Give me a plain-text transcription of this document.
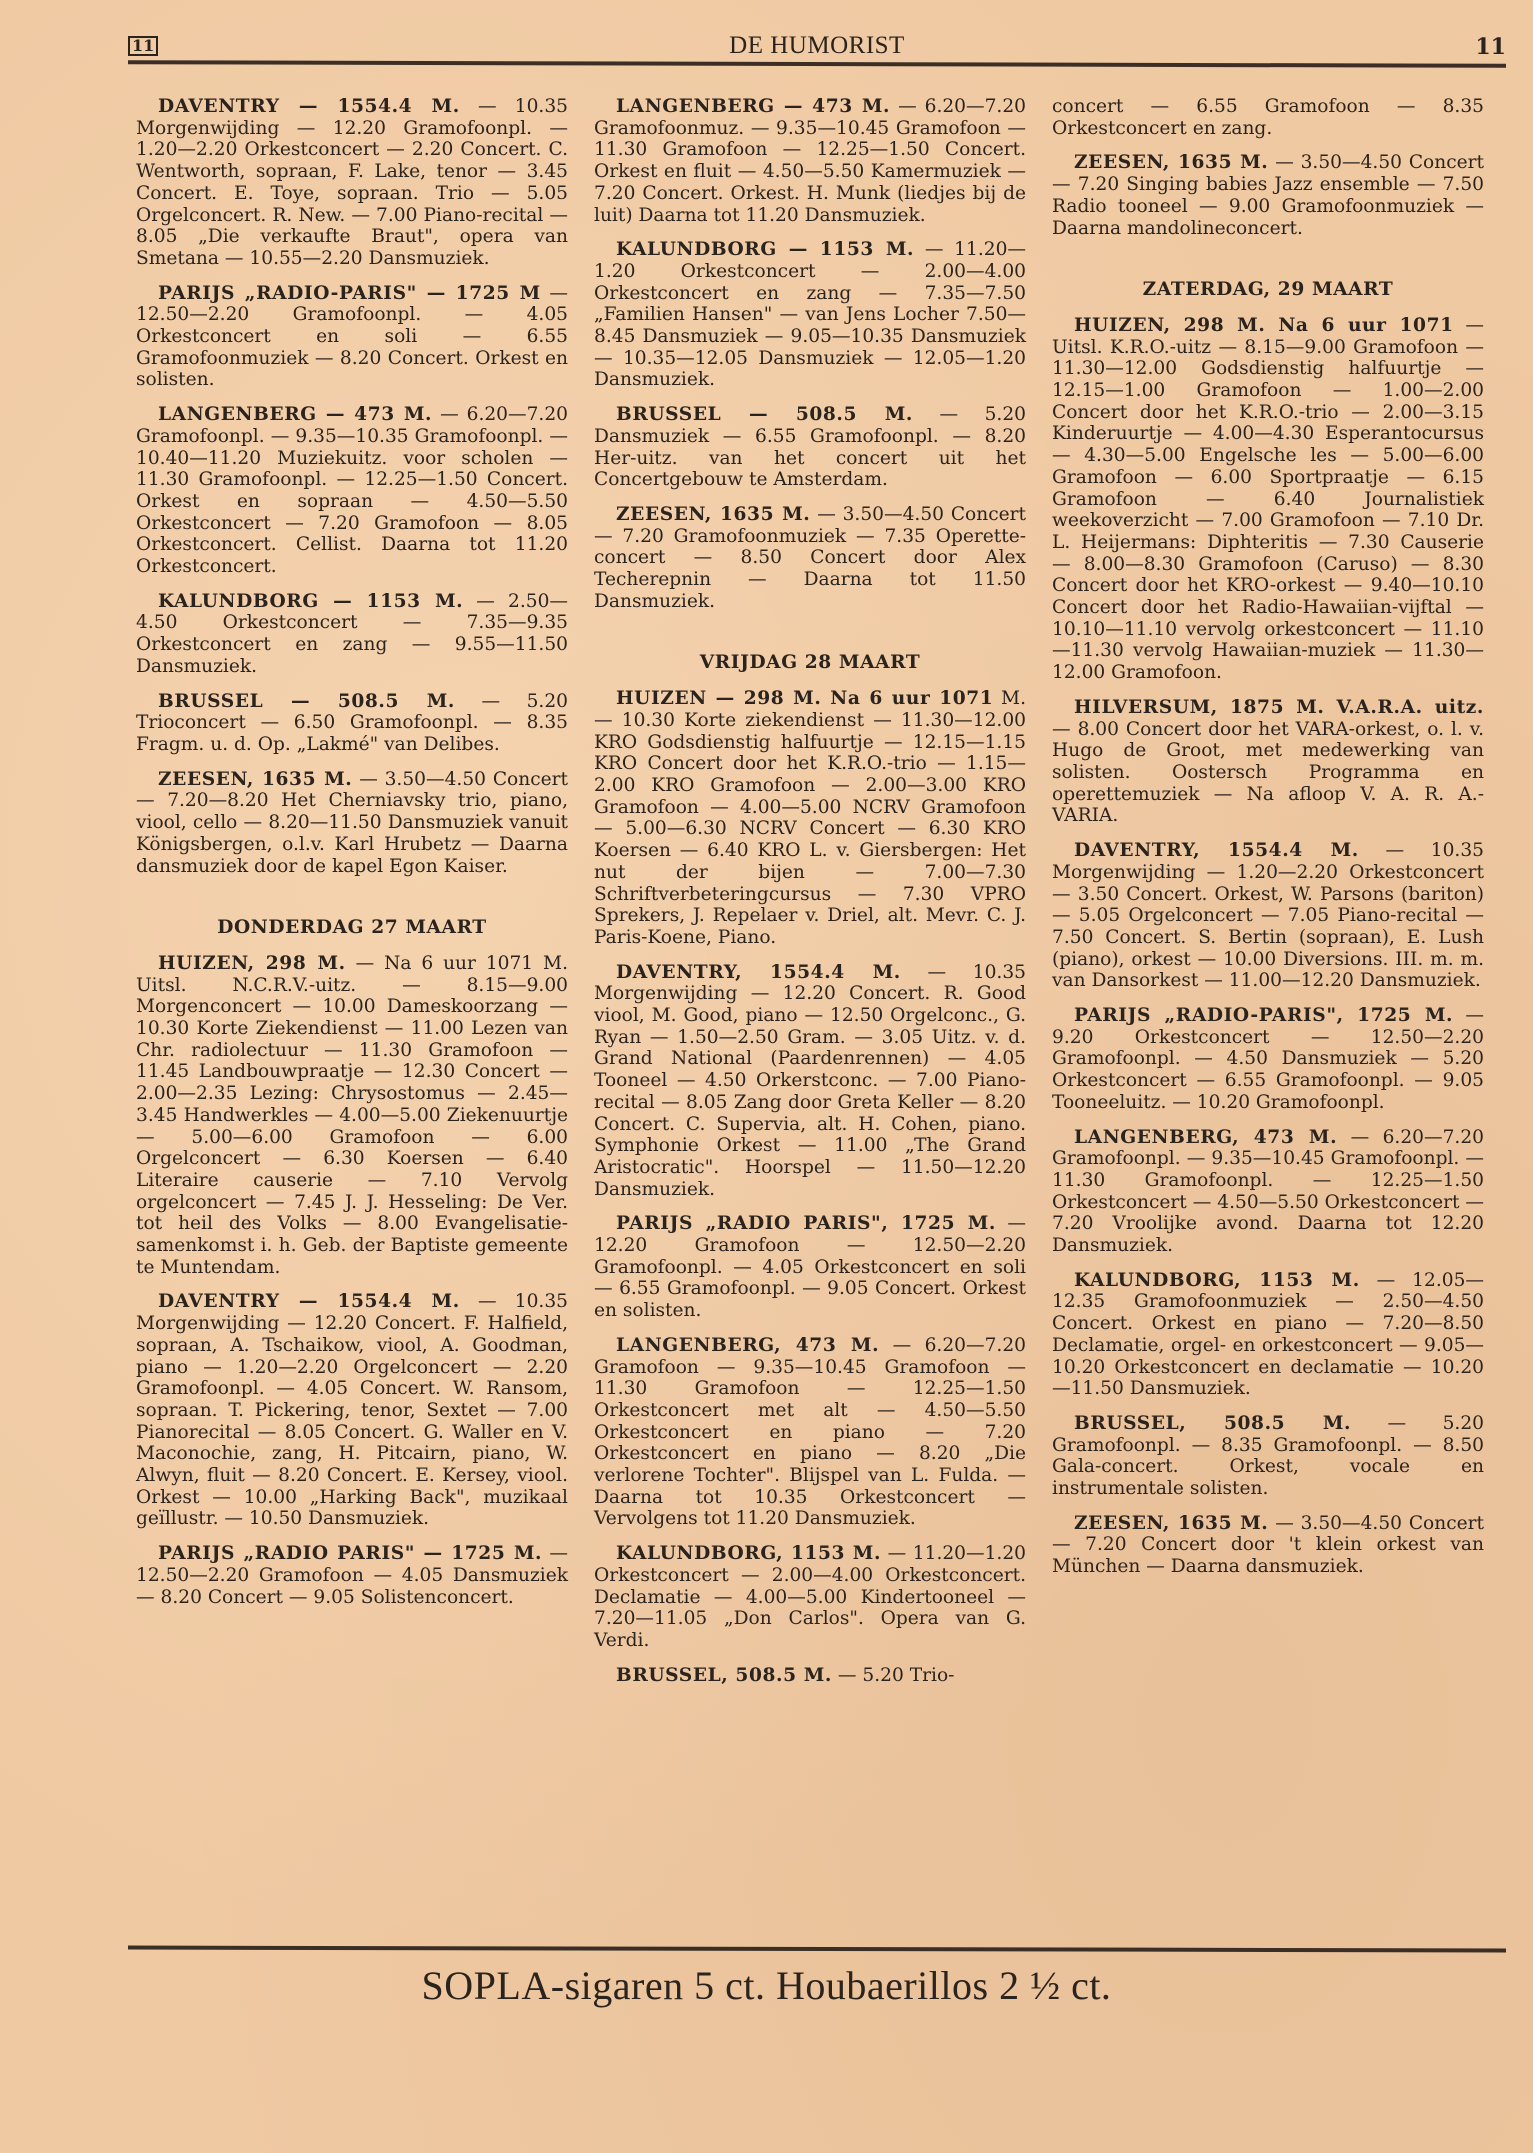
11	DE HUMORIST	11

DAVENTRY — 1554.4 M. — 10.35 Morgenwijding — 12.20 Gramofoonpl. — 1.20—2.20 Orkestconcert — 2.20 Concert. C. Wentworth, sopraan, F. Lake, tenor — 3.45 Concert. E. Toye, sopraan. Trio — 5.05 Orgelconcert. R. New. — 7.00 Piano-recital — 8.05 „Die verkaufte Braut", opera van Smetana — 10.55—2.20 Dansmuziek.

PARIJS „RADIO-PARIS" — 1725 M — 12.50—2.20 Gramofoonpl. — 4.05 Orkestconcert en soli — 6.55 Gramofoonmuziek — 8.20 Concert. Orkest en solisten.

LANGENBERG — 473 M. — 6.20—7.20 Gramofoonpl. — 9.35—10.35 Gramofoonpl. — 10.40—11.20 Muziekuitz. voor scholen — 11.30 Gramofoonpl. — 12.25—1.50 Concert. Orkest en sopraan — 4.50—5.50 Orkestconcert — 7.20 Gramofoon — 8.05 Orkestconcert. Cellist. Daarna tot 11.20 Orkestconcert.

KALUNDBORG — 1153 M. — 2.50—4.50 Orkestconcert — 7.35—9.35 Orkestconcert en zang — 9.55—11.50 Dansmuziek.

BRUSSEL — 508.5 M. — 5.20 Trioconcert — 6.50 Gramofoonpl. — 8.35 Fragm. u. d. Op. „Lakmé" van Delibes.

ZEESEN, 1635 M. — 3.50—4.50 Concert — 7.20—8.20 Het Cherniavsky trio, piano, viool, cello — 8.20—11.50 Dansmuziek vanuit Königsbergen, o.l.v. Karl Hrubetz — Daarna dansmuziek door de kapel Egon Kaiser.

DONDERDAG 27 MAART

HUIZEN, 298 M. — Na 6 uur 1071 M. Uitsl. N.C.R.V.-uitz. — 8.15—9.00 Morgenconcert — 10.00 Dameskoorzang — 10.30 Korte Ziekendienst — 11.00 Lezen van Chr. radiolectuur — 11.30 Gramofoon — 11.45 Landbouwpraatje — 12.30 Concert — 2.00—2.35 Lezing: Chrysostomus — 2.45—3.45 Handwerkles — 4.00—5.00 Ziekenuurtje — 5.00—6.00 Gramofoon — 6.00 Orgelconcert — 6.30 Koersen — 6.40 Literaire causerie — 7.10 Vervolg orgelconcert — 7.45 J. J. Hesseling: De Ver. tot heil des Volks — 8.00 Evangelisatie-samenkomst i. h. Geb. der Baptiste gemeente te Muntendam.

DAVENTRY — 1554.4 M. — 10.35 Morgenwijding — 12.20 Concert. F. Halfield, sopraan, A. Tschaikow, viool, A. Goodman, piano — 1.20—2.20 Orgelconcert — 2.20 Gramofoonpl. — 4.05 Concert. W. Ransom, sopraan. T. Pickering, tenor, Sextet — 7.00 Pianorecital — 8.05 Concert. G. Waller en V. Maconochie, zang, H. Pitcairn, piano, W. Alwyn, fluit — 8.20 Concert. E. Kersey, viool. Orkest — 10.00 „Harking Back", muzikaal geïllustr. — 10.50 Dansmuziek.

PARIJS „RADIO PARIS" — 1725 M. — 12.50—2.20 Gramofoon — 4.05 Dansmuziek — 8.20 Concert — 9.05 Solistenconcert.

LANGENBERG — 473 M. — 6.20—7.20 Gramofoonmuz. — 9.35—10.45 Gramofoon — 11.30 Gramofoon — 12.25—1.50 Concert. Orkest en fluit — 4.50—5.50 Kamermuziek — 7.20 Concert. Orkest. H. Munk (liedjes bij de luit) Daarna tot 11.20 Dansmuziek.

KALUNDBORG — 1153 M. — 11.20—1.20 Orkestconcert — 2.00—4.00 Orkestconcert en zang — 7.35—7.50 „Familien Hansen" — van Jens Locher 7.50—8.45 Dansmuziek — 9.05—10.35 Dansmuziek — 10.35—12.05 Dansmuziek — 12.05—1.20 Dansmuziek.

BRUSSEL — 508.5 M. — 5.20 Dansmuziek — 6.55 Gramofoonpl. — 8.20 Her-uitz. van het concert uit het Concertgebouw te Amsterdam.

ZEESEN, 1635 M. — 3.50—4.50 Concert — 7.20 Gramofoonmuziek — 7.35 Operette-concert — 8.50 Concert door Alex Techerepnin — Daarna tot 11.50 Dansmuziek.

VRIJDAG 28 MAART

HUIZEN — 298 M. Na 6 uur 1071 M. — 10.30 Korte ziekendienst — 11.30—12.00 KRO Godsdienstig halfuurtje — 12.15—1.15 KRO Concert door het K.R.O.-trio — 1.15—2.00 KRO Gramofoon — 2.00—3.00 KRO Gramofoon — 4.00—5.00 NCRV Gramofoon — 5.00—6.30 NCRV Concert — 6.30 KRO Koersen — 6.40 KRO L. v. Giersbergen: Het nut der bijen — 7.00—7.30 Schriftverbeteringcursus — 7.30 VPRO Sprekers, J. Repelaer v. Driel, alt. Mevr. C. J. Paris-Koene, Piano.

DAVENTRY, 1554.4 M. — 10.35 Morgenwijding — 12.20 Concert. R. Good viool, M. Good, piano — 12.50 Orgelconc., G. Ryan — 1.50—2.50 Gram. — 3.05 Uitz. v. d. Grand National (Paardenrennen) — 4.05 Tooneel — 4.50 Orkerstconc. — 7.00 Piano-recital — 8.05 Zang door Greta Keller — 8.20 Concert. C. Supervia, alt. H. Cohen, piano. Symphonie Orkest — 11.00 „The Grand Aristocratic". Hoorspel — 11.50—12.20 Dansmuziek.

PARIJS „RADIO PARIS", 1725 M. — 12.20 Gramofoon — 12.50—2.20 Gramofoonpl. — 4.05 Orkestconcert en soli — 6.55 Gramofoonpl. — 9.05 Concert. Orkest en solisten.

LANGENBERG, 473 M. — 6.20—7.20 Gramofoon — 9.35—10.45 Gramofoon — 11.30 Gramofoon — 12.25—1.50 Orkestconcert met alt — 4.50—5.50 Orkestconcert en piano — 7.20 Orkestconcert en piano — 8.20 „Die verlorene Tochter". Blijspel van L. Fulda. — Daarna tot 10.35 Orkestconcert — Vervolgens tot 11.20 Dansmuziek.

KALUNDBORG, 1153 M. — 11.20—1.20 Orkestconcert — 2.00—4.00 Orkestconcert. Declamatie — 4.00—5.00 Kindertooneel — 7.20—11.05 „Don Carlos". Opera van G. Verdi.

BRUSSEL, 508.5 M. — 5.20 Trio-

concert — 6.55 Gramofoon — 8.35 Orkestconcert en zang.

ZEESEN, 1635 M. — 3.50—4.50 Concert — 7.20 Singing babies Jazz ensemble — 7.50 Radio tooneel — 9.00 Gramofoonmuziek — Daarna mandolineconcert.

ZATERDAG, 29 MAART

HUIZEN, 298 M. Na 6 uur 1071 — Uitsl. K.R.O.-uitz — 8.15—9.00 Gramofoon — 11.30—12.00 Godsdienstig halfuurtje — 12.15—1.00 Gramofoon — 1.00—2.00 Concert door het K.R.O.-trio — 2.00—3.15 Kinderuurtje — 4.00—4.30 Esperantocursus — 4.30—5.00 Engelsche les — 5.00—6.00 Gramofoon — 6.00 Sportpraatje — 6.15 Gramofoon — 6.40 Journalistiek weekoverzicht — 7.00 Gramofoon — 7.10 Dr. L. Heijermans: Diphteritis — 7.30 Causerie — 8.00—8.30 Gramofoon (Caruso) — 8.30 Concert door het KRO-orkest — 9.40—10.10 Concert door het Radio-Hawaiian-vijftal — 10.10—11.10 vervolg orkestconcert — 11.10—11.30 vervolg Hawaiian-muziek — 11.30—12.00 Gramofoon.

HILVERSUM, 1875 M. V.A.R.A. uitz. — 8.00 Concert door het VARA-orkest, o. l. v. Hugo de Groot, met medewerking van solisten. Oostersch Programma en operettemuziek — Na afloop V. A. R. A.-VARIA.

DAVENTRY, 1554.4 M. — 10.35 Morgenwijding — 1.20—2.20 Orkestconcert — 3.50 Concert. Orkest, W. Parsons (bariton) — 5.05 Orgelconcert — 7.05 Piano-recital — 7.50 Concert. S. Bertin (sopraan), E. Lush (piano), orkest — 10.00 Diversions. III. m. m. van Dansorkest — 11.00—12.20 Dansmuziek.

PARIJS „RADIO-PARIS", 1725 M. — 9.20 Orkestconcert — 12.50—2.20 Gramofoonpl. — 4.50 Dansmuziek — 5.20 Orkestconcert — 6.55 Gramofoonpl. — 9.05 Tooneeluitz. — 10.20 Gramofoonpl.

LANGENBERG, 473 M. — 6.20—7.20 Gramofoonpl. — 9.35—10.45 Gramofoonpl. — 11.30 Gramofoonpl. — 12.25—1.50 Orkestconcert — 4.50—5.50 Orkestconcert — 7.20 Vroolijke avond. Daarna tot 12.20 Dansmuziek.

KALUNDBORG, 1153 M. — 12.05—12.35 Gramofoonmuziek — 2.50—4.50 Concert. Orkest en piano — 7.20—8.50 Declamatie, orgel- en orkestconcert — 9.05—10.20 Orkestconcert en declamatie — 10.20—11.50 Dansmuziek.

BRUSSEL, 508.5 M. — 5.20 Gramofoonpl. — 8.35 Gramofoonpl. — 8.50 Gala-concert. Orkest, vocale en instrumentale solisten.

ZEESEN, 1635 M. — 3.50—4.50 Concert — 7.20 Concert door 't klein orkest van München — Daarna dansmuziek.

SOPLA-sigaren 5 ct. Houbaerillos 2 ½ ct.
